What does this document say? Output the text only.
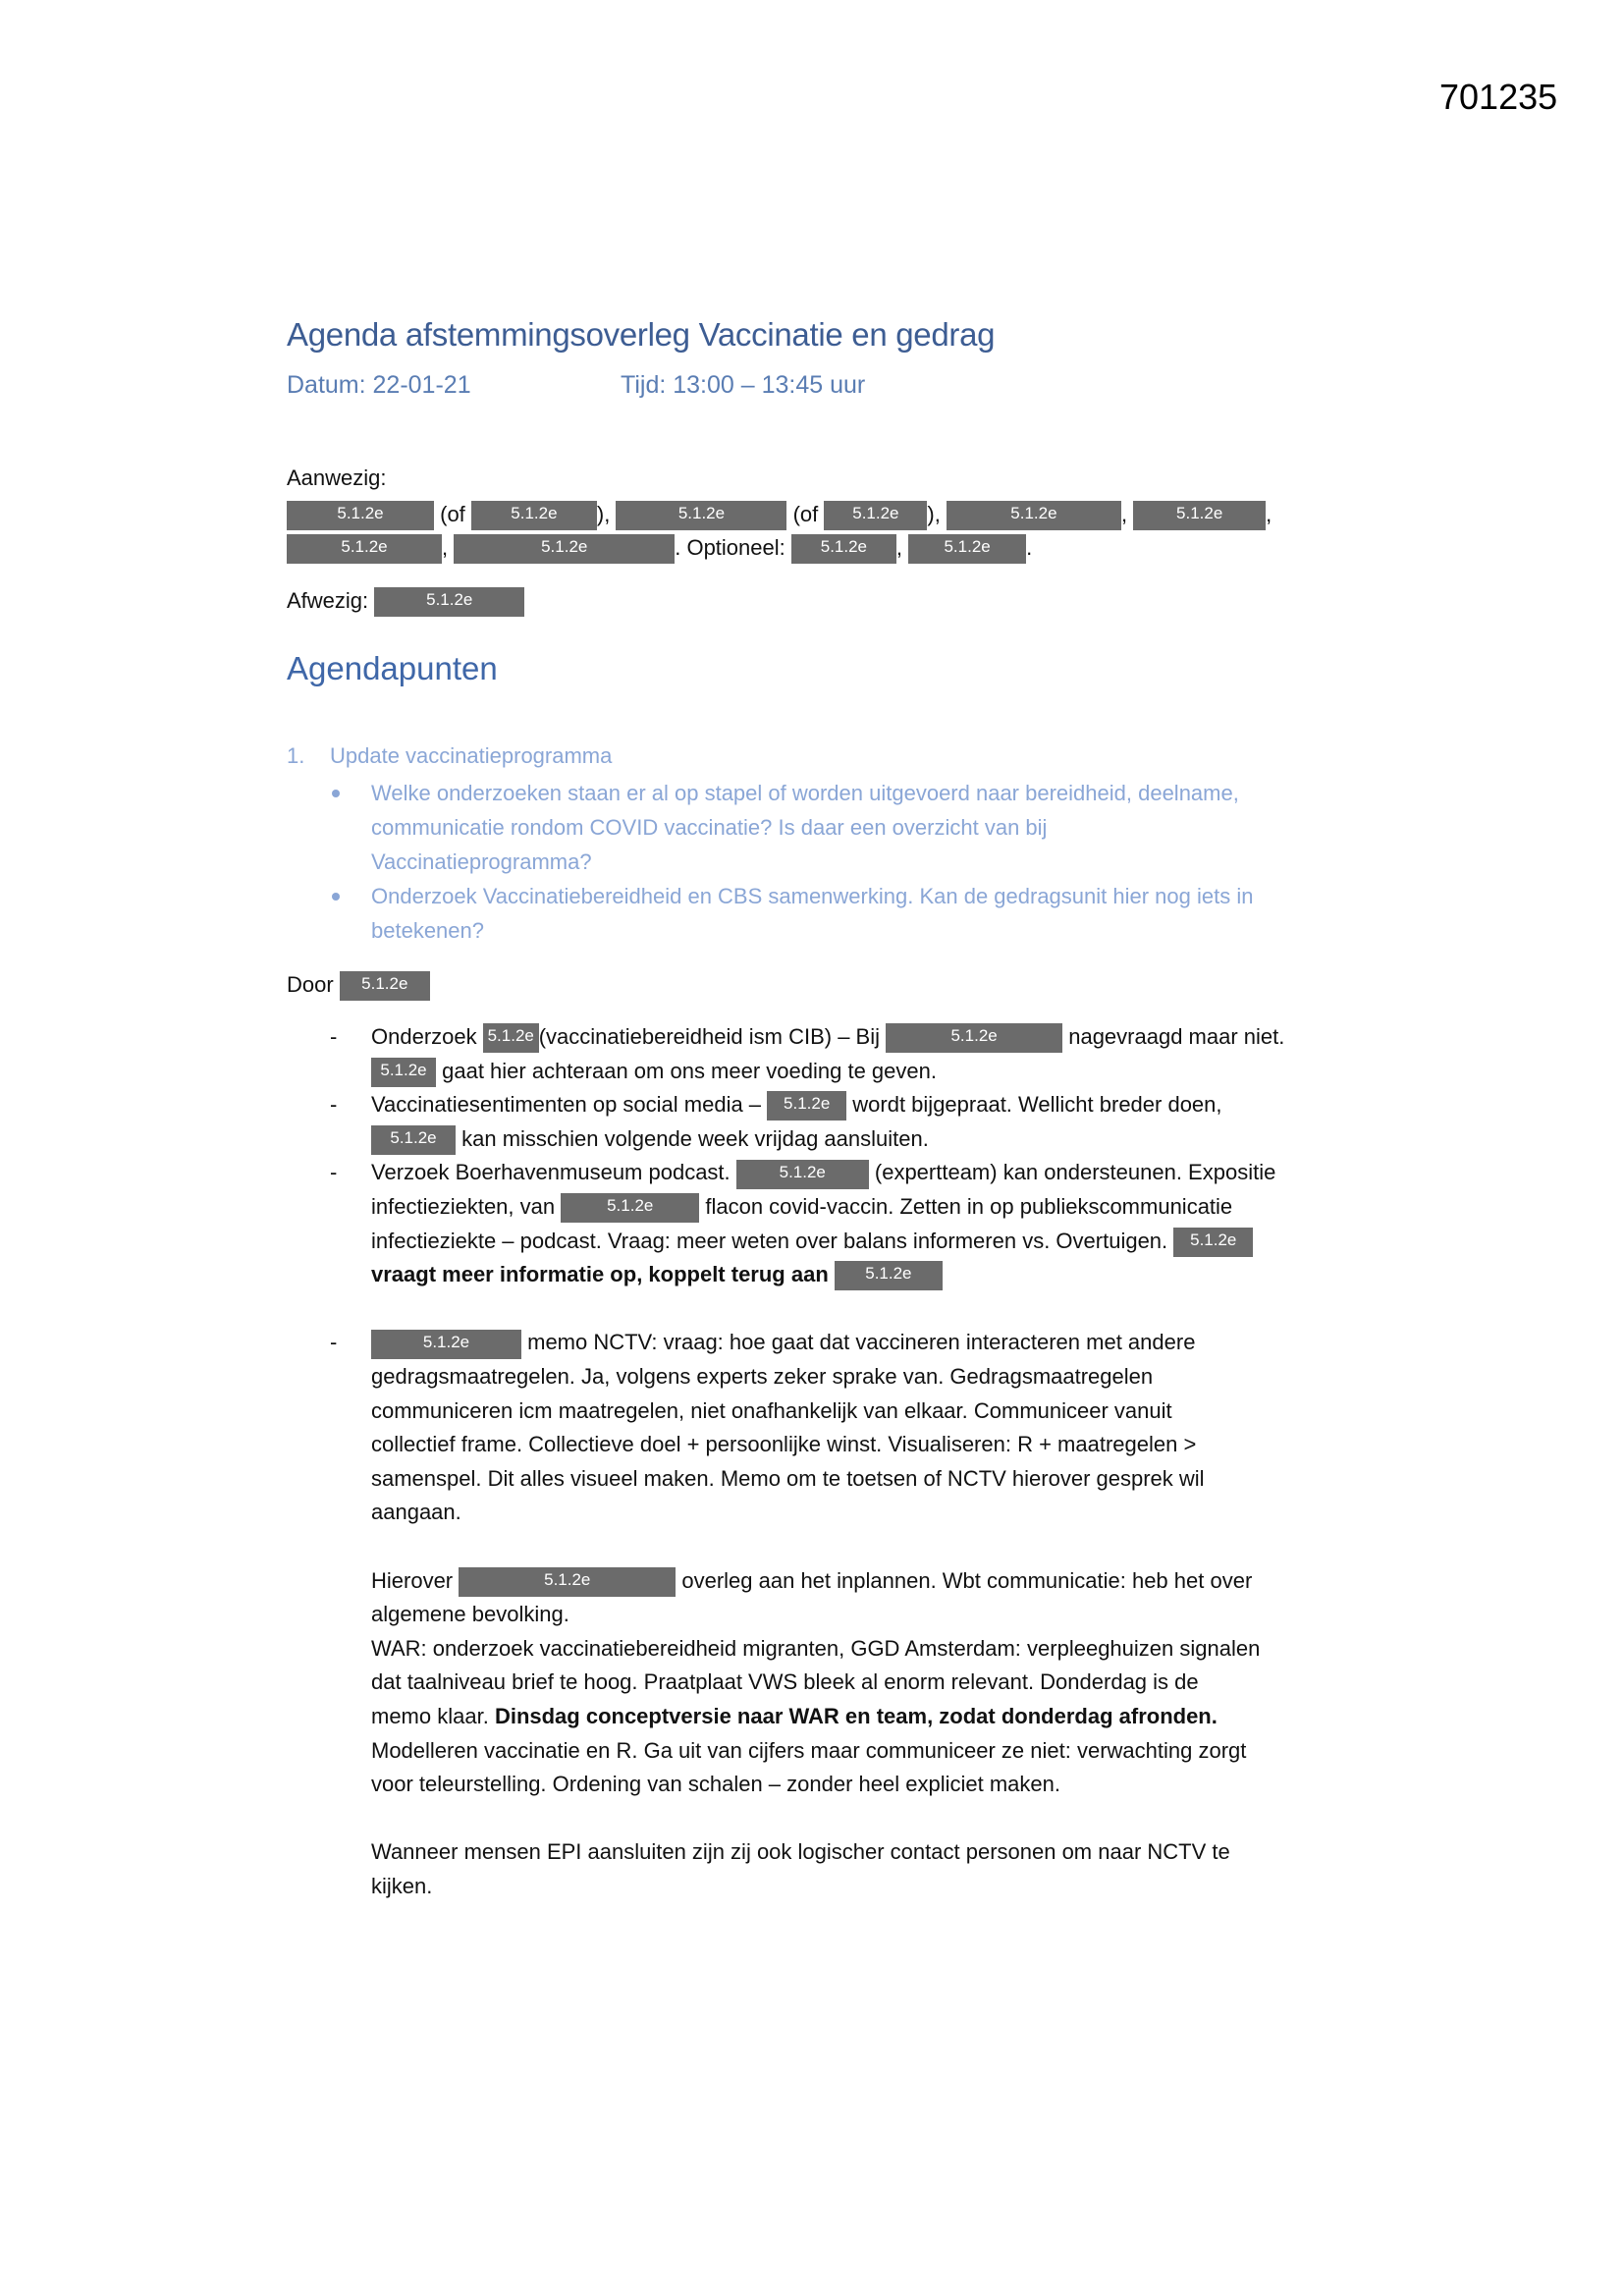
701235
Agenda afstemmingsoverleg Vaccinatie en gedrag
Datum: 22-01-21	Tijd: 13:00 – 13:45 uur
Aanwezig:
5.1.2e (of 5.1.2e ),	5.1.2e	(of 5.1.2e ),	5.1.2e	,	5.1.2e ,
5.1.2e	,	5.1.2e	. Optioneel: 5.1.2e , 5.1.2e .
Afwezig:	5.1.2e
Agendapunten
1. Update vaccinatieprogramma
Welke onderzoeken staan er al op stapel of worden uitgevoerd naar bereidheid, deelname,
communicatie rondom COVID vaccinatie? Is daar een overzicht van bij
Vaccinatieprogramma?
Onderzoek Vaccinatiebereidheid en CBS samenwerking. Kan de gedragsunit hier nog iets in
betekenen?
Door 5.1.2e
- Onderzoek 5.1.2e (vaccinatiebereidheid ism CIB) – Bij	5.1.2e	nagevraagd maar niet.
5.1.2e gaat hier achteraan om ons meer voeding te geven.
- Vaccinatiesentimenten op social media – 5.1.2e wordt bijgepraat. Wellicht breder doen,
5.1.2e kan misschien volgende week vrijdag aansluiten.
- Verzoek Boerhavenmuseum podcast.	5.1.2e (expertteam) kan ondersteunen. Expositie
infectieziekten, van	5.1.2e flacon covid-vaccin. Zetten in op publiekscommunicatie
infectieziekte – podcast. Vraag: meer weten over balans informeren vs. Overtuigen. 5.1.2e
vraagt meer informatie op, koppelt terug aan 5.1.2e
-	5.1.2e memo NCTV: vraag: hoe gaat dat vaccineren interacteren met andere
gedragsmaatregelen. Ja, volgens experts zeker sprake van. Gedragsmaatregelen
communiceren icm maatregelen, niet onafhankelijk van elkaar. Communiceer vanuit
collectief frame. Collectieve doel + persoonlijke winst. Visualiseren: R + maatregelen >
samenspel. Dit alles visueel maken. Memo om te toetsen of NCTV hierover gesprek wil
aangaan.
Hierover	5.1.2e	overleg aan het inplannen. Wbt communicatie: heb het over
algemene bevolking.
WAR: onderzoek vaccinatiebereidheid migranten, GGD Amsterdam: verpleeghuizen signalen
dat taalniveau brief te hoog. Praatplaat VWS bleek al enorm relevant. Donderdag is de
memo klaar. Dinsdag conceptversie naar WAR en team, zodat donderdag afronden.
Modelleren vaccinatie en R. Ga uit van cijfers maar communiceer ze niet: verwachting zorgt
voor teleurstelling. Ordening van schalen – zonder heel expliciet maken.
Wanneer mensen EPI aansluiten zijn zij ook logischer contact personen om naar NCTV te
kijken.
